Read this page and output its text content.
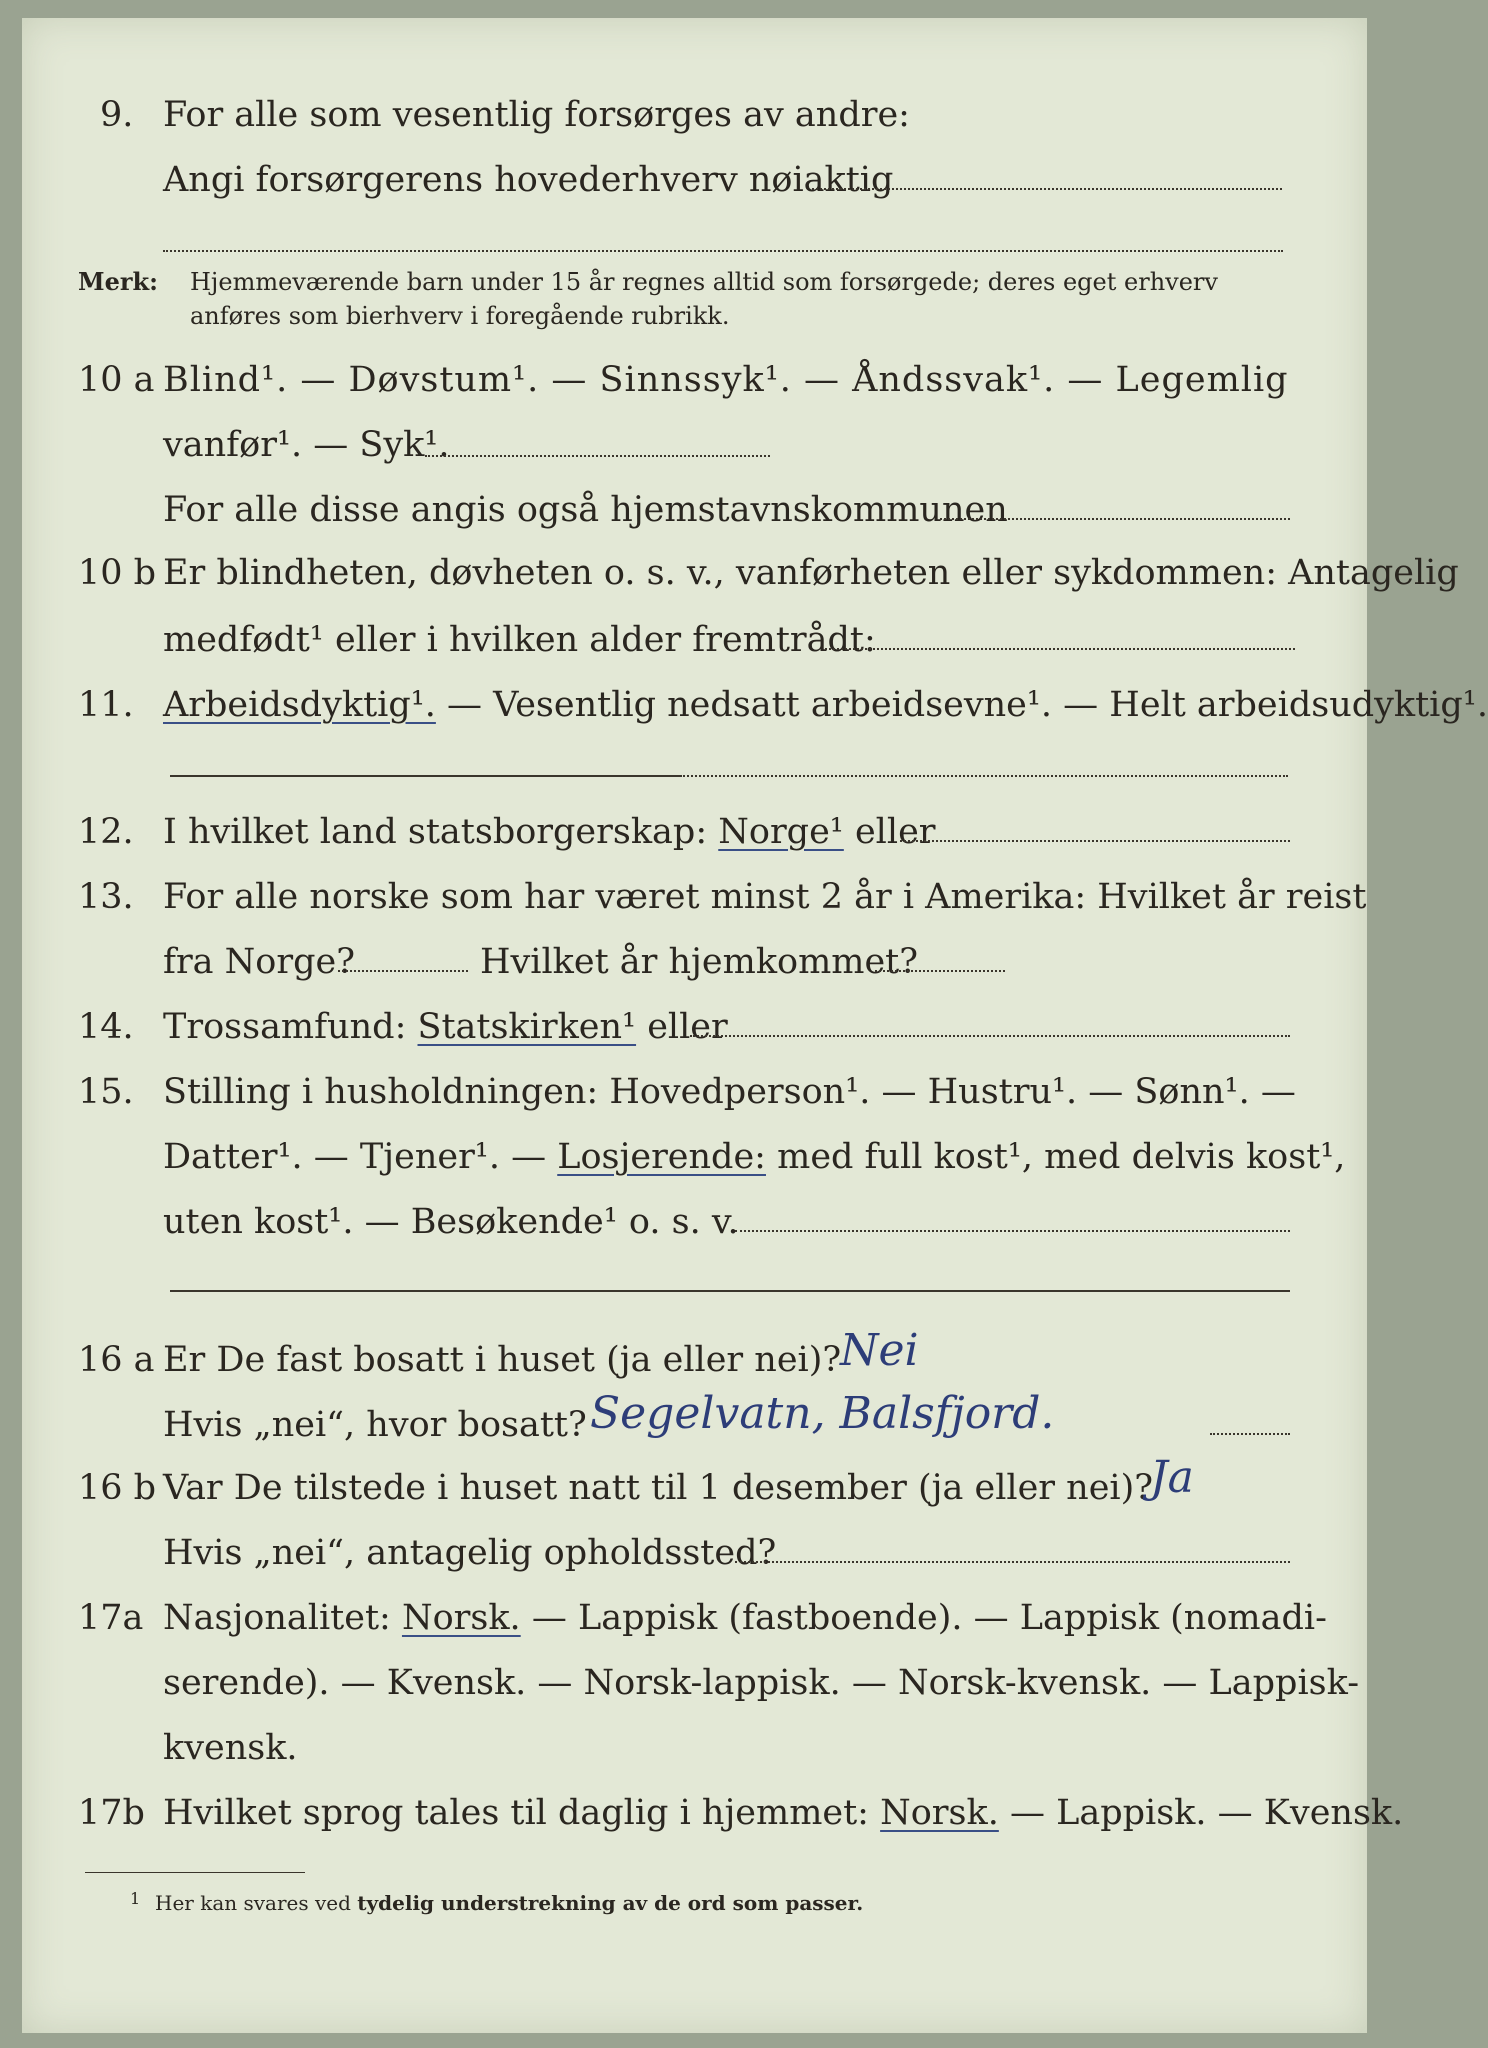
9. For alle som vesentlig forsørges av andre:
Angi forsørgerens hovederhverv nøiaktig
Merk: Hjemmeværende barn under 15 år regnes alltid som forsørgede; deres eget erhverv
anføres som bierhverv i foregående rubrikk.
10 a Blind¹. — Døvstum¹. — Sinnssyk¹. — Åndssvak¹. — Legemlig
vanfør¹. — Syk¹.
For alle disse angis også hjemstavnskommunen
10 b Er blindheten, døvheten o. s. v., vanførheten eller sykdommen: Antagelig
medfødt¹ eller i hvilken alder fremtrådt:
11. Arbeidsdyktig¹. — Vesentlig nedsatt arbeidsevne¹. — Helt arbeidsudyktig¹.
12. I hvilket land statsborgerskap: Norge¹ eller
13. For alle norske som har været minst 2 år i Amerika: Hvilket år reist
fra Norge?	Hvilket år hjemkommet?
14. Trossamfund: Statskirken¹ eller
15. Stilling i husholdningen: Hovedperson¹. — Hustru¹. — Sønn¹. —
Datter¹. — Tjener¹. — Losjerende: med full kost¹, med delvis kost¹,
uten kost¹. — Besøkende¹ o. s. v.
16 a Er De fast bosatt i huset (ja eller nei)?
Nei
Hvis „nei“, hvor bosatt? Segelvatn, Balsfjord.
16 b Var De tilstede i huset natt til 1 desember (ja eller nei)?
Ja
Hvis „nei“, antagelig opholdssted?
17a Nasjonalitet: Norsk. — Lappisk (fastboende). — Lappisk (nomadi-
serende). — Kvensk. — Norsk-lappisk. — Norsk-kvensk. — Lappisk-
kvensk.
17b Hvilket sprog tales til daglig i hjemmet: Norsk. — Lappisk. — Kvensk.
1 Her kan svares ved tydelig understrekning av de ord som passer.
